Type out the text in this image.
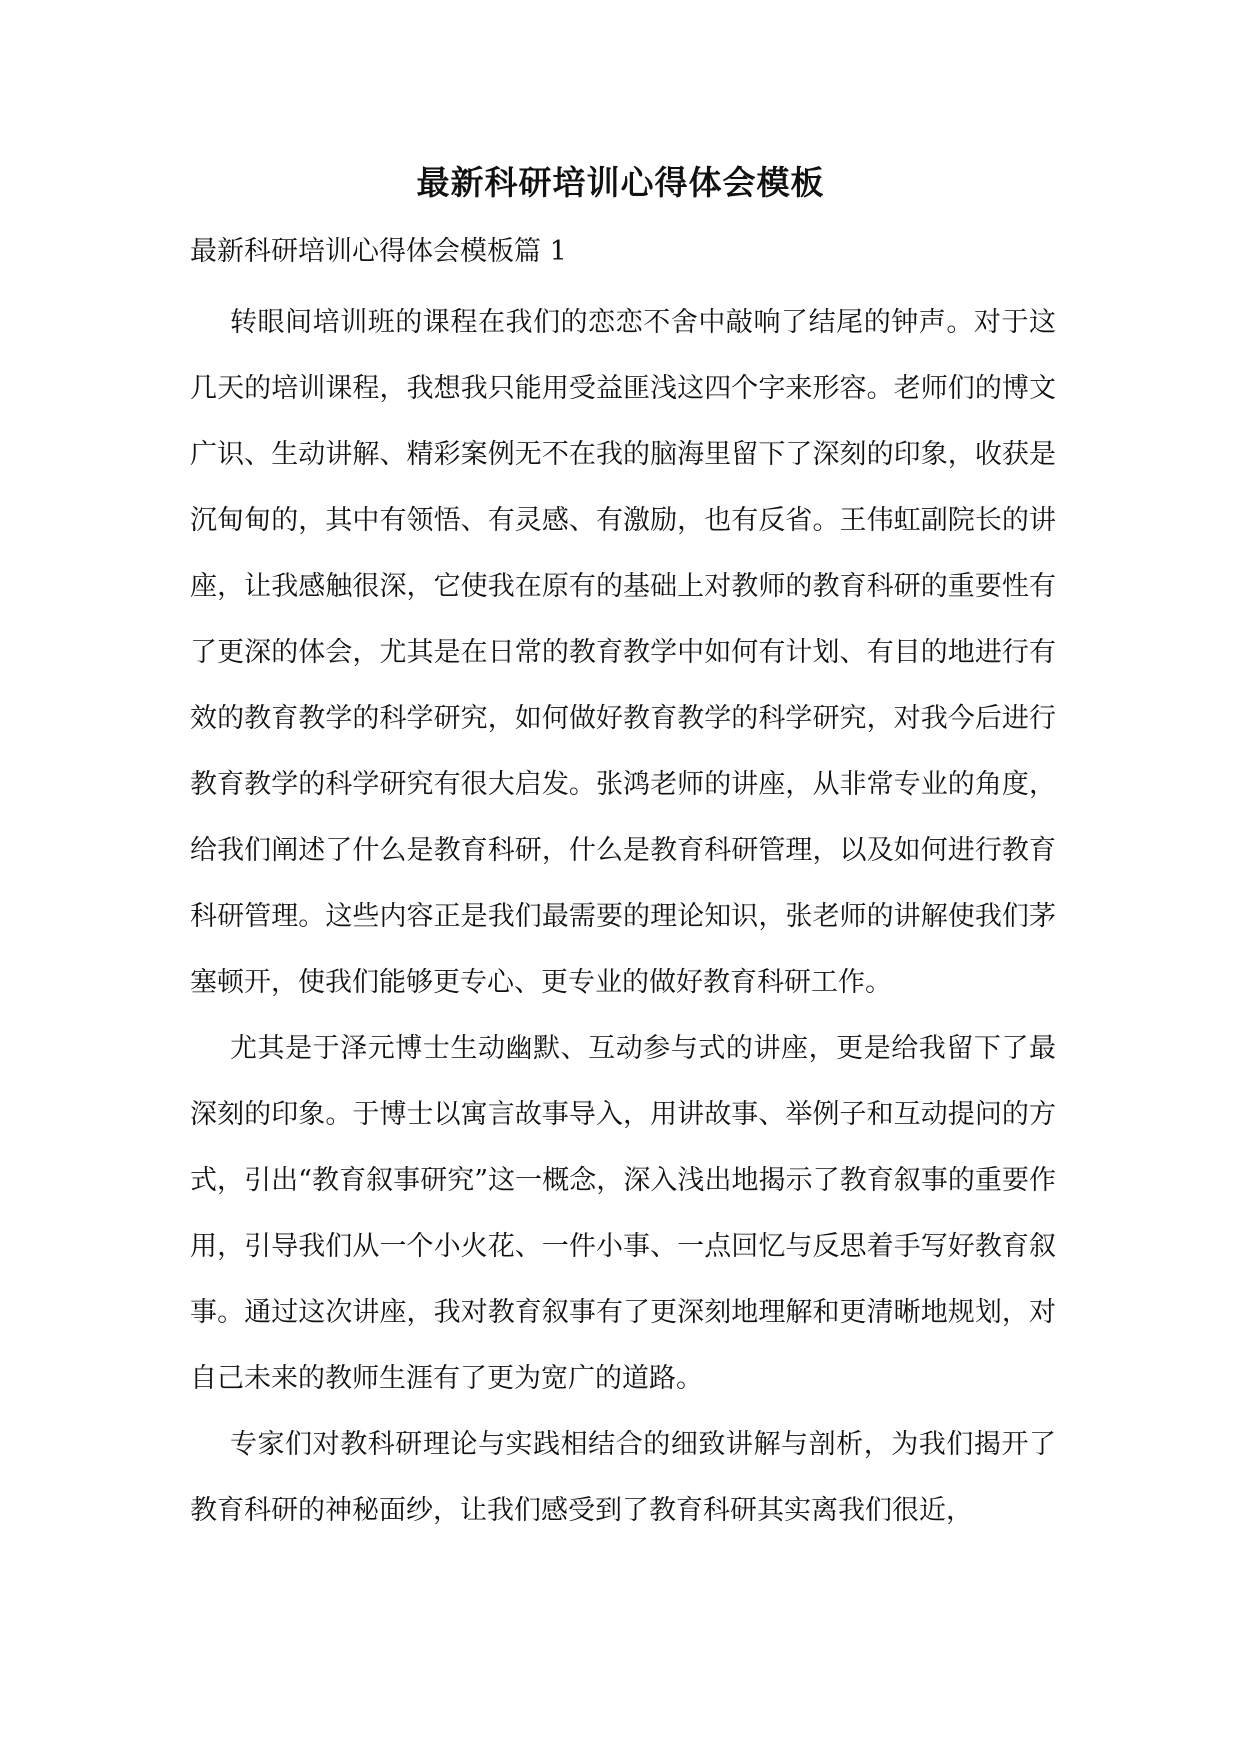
最新科研培训心得体会模板
最新科研培训心得体会模板篇 1

转眼间培训班的课程在我们的恋恋不舍中敲响了结尾的钟声。对于这几天的培训课程，我想我只能用受益匪浅这四个字来形容。老师们的博文广识、生动讲解、精彩案例无不在我的脑海里留下了深刻的印象，收获是沉甸甸的，其中有领悟、有灵感、有激励，也有反省。王伟虹副院长的讲座，让我感触很深，它使我在原有的基础上对教师的教育科研的重要性有了更深的体会，尤其是在日常的教育教学中如何有计划、有目的地进行有效的教育教学的科学研究，如何做好教育教学的科学研究，对我今后进行教育教学的科学研究有很大启发。张鸿老师的讲座，从非常专业的角度，给我们阐述了什么是教育科研，什么是教育科研管理，以及如何进行教育科研管理。这些内容正是我们最需要的理论知识，张老师的讲解使我们茅塞顿开，使我们能够更专心、更专业的做好教育科研工作。

尤其是于泽元博士生动幽默、互动参与式的讲座，更是给我留下了最深刻的印象。于博士以寓言故事导入，用讲故事、举例子和互动提问的方式，引出“教育叙事研究”这一概念，深入浅出地揭示了教育叙事的重要作用，引导我们从一个小火花、一件小事、一点回忆与反思着手写好教育叙事。通过这次讲座，我对教育叙事有了更深刻地理解和更清晰地规划，对自己未来的教师生涯有了更为宽广的道路。

专家们对教科研理论与实践相结合的细致讲解与剖析，为我们揭开了教育科研的神秘面纱，让我们感受到了教育科研其实离我们很近，
